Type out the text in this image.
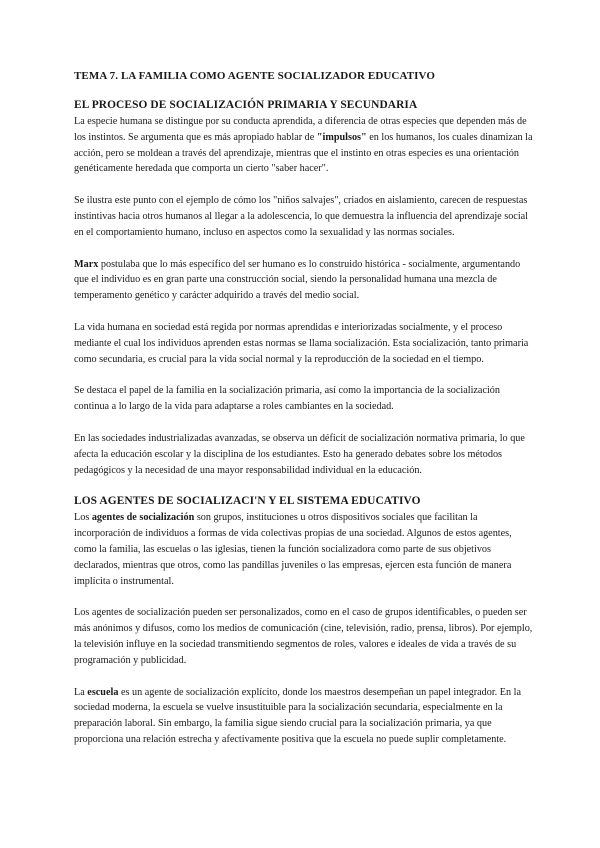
TEMA 7. LA FAMILIA COMO AGENTE SOCIALIZADOR EDUCATIVO
EL PROCESO DE SOCIALIZACIÓN PRIMARIA Y SECUNDARIA

La especie humana se distingue por su conducta aprendida, a diferencia de otras especies que dependen más de los instintos. Se argumenta que es más apropiado hablar de "impulsos" en los humanos, los cuales dinamizan la acción, pero se moldean a través del aprendizaje, mientras que el instinto en otras especies es una orientación genéticamente heredada que comporta un cierto "saber hacer".

Se ilustra este punto con el ejemplo de cómo los "niños salvajes", criados en aislamiento, carecen de respuestas instintivas hacia otros humanos al llegar a la adolescencia, lo que demuestra la influencia del aprendizaje social en el comportamiento humano, incluso en aspectos como la sexualidad y las normas sociales.

Marx postulaba que lo más específico del ser humano es lo construido histórica - socialmente, argumentando que el individuo es en gran parte una construcción social, siendo la personalidad humana una mezcla de temperamento genético y carácter adquirido a través del medio social.

La vida humana en sociedad está regida por normas aprendidas e interiorizadas socialmente, y el proceso mediante el cual los individuos aprenden estas normas se llama socialización. Esta socialización, tanto primaria como secundaria, es crucial para la vida social normal y la reproducción de la sociedad en el tiempo.

Se destaca el papel de la familia en la socialización primaria, así como la importancia de la socialización continua a lo largo de la vida para adaptarse a roles cambiantes en la sociedad.

En las sociedades industrializadas avanzadas, se observa un déficit de socialización normativa primaria, lo que afecta la educación escolar y la disciplina de los estudiantes. Esto ha generado debates sobre los métodos pedagógicos y la necesidad de una mayor responsabilidad individual en la educación.

LOS AGENTES DE SOCIALIZACI'N Y EL SISTEMA EDUCATIVO

Los agentes de socialización son grupos, instituciones u otros dispositivos sociales que facilitan la incorporación de individuos a formas de vida colectivas propias de una sociedad. Algunos de estos agentes, como la familia, las escuelas o las iglesias, tienen la función socializadora como parte de sus objetivos declarados, mientras que otros, como las pandillas juveniles o las empresas, ejercen esta función de manera implícita o instrumental.

Los agentes de socialización pueden ser personalizados, como en el caso de grupos identificables, o pueden ser más anónimos y difusos, como los medios de comunicación (cine, televisión, radio, prensa, libros). Por ejemplo, la televisión influye en la sociedad transmitiendo segmentos de roles, valores e ideales de vida a través de su programación y publicidad.

La escuela es un agente de socialización explícito, donde los maestros desempeñan un papel integrador. En la sociedad moderna, la escuela se vuelve insustituible para la socialización secundaria, especialmente en la preparación laboral. Sin embargo, la familia sigue siendo crucial para la socialización primaria, ya que proporciona una relación estrecha y afectivamente positiva que la escuela no puede suplir completamente.
